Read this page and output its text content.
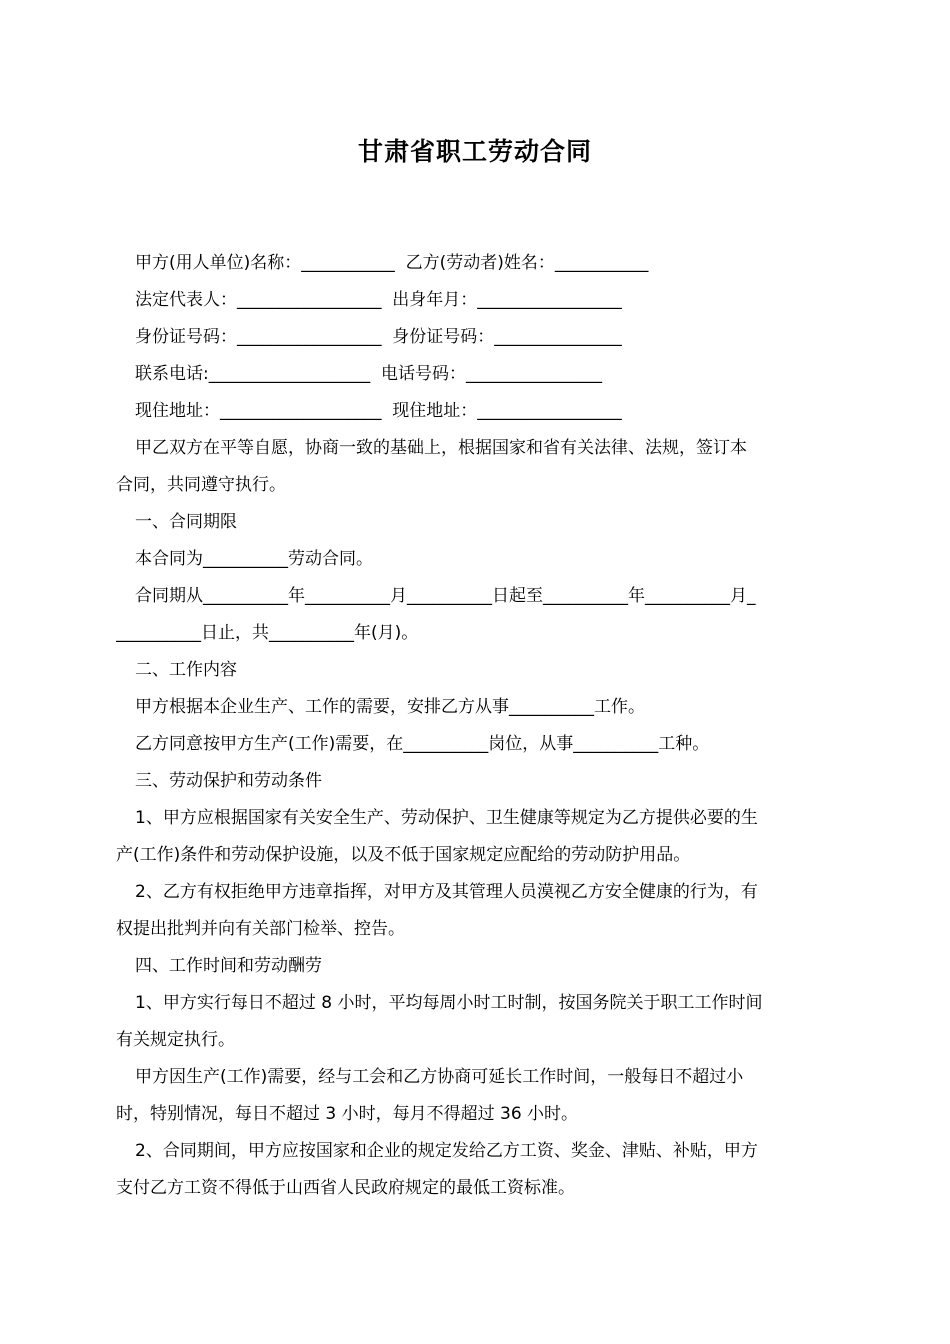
甘肃省职工劳动合同
甲方(用人单位)名称：___________  乙方(劳动者)姓名：___________
法定代表人：_________________  出身年月：_________________
身份证号码：_________________  身份证号码：_______________
联系电话:___________________  电话号码：________________
现住地址：___________________  现住地址：_________________
甲乙双方在平等自愿，协商一致的基础上，根据国家和省有关法律、法规，签订本
合同，共同遵守执行。
一、合同期限
本合同为__________劳动合同。
合同期从__________年__________月__________日起至__________年__________月_
__________日止，共__________年(月)。
二、工作内容
甲方根据本企业生产、工作的需要，安排乙方从事__________工作。
乙方同意按甲方生产(工作)需要，在__________岗位，从事__________工种。
三、劳动保护和劳动条件
1、甲方应根据国家有关安全生产、劳动保护、卫生健康等规定为乙方提供必要的生
产(工作)条件和劳动保护设施，以及不低于国家规定应配给的劳动防护用品。
2、乙方有权拒绝甲方违章指挥，对甲方及其管理人员漠视乙方安全健康的行为，有
权提出批判并向有关部门检举、控告。
四、工作时间和劳动酬劳
1、甲方实行每日不超过 8 小时，平均每周小时工时制，按国务院关于职工工作时间
有关规定执行。
甲方因生产(工作)需要，经与工会和乙方协商可延长工作时间，一般每日不超过小
时，特别情况，每日不超过 3 小时，每月不得超过 36 小时。
2、合同期间，甲方应按国家和企业的规定发给乙方工资、奖金、津贴、补贴，甲方
支付乙方工资不得低于山西省人民政府规定的最低工资标准。
